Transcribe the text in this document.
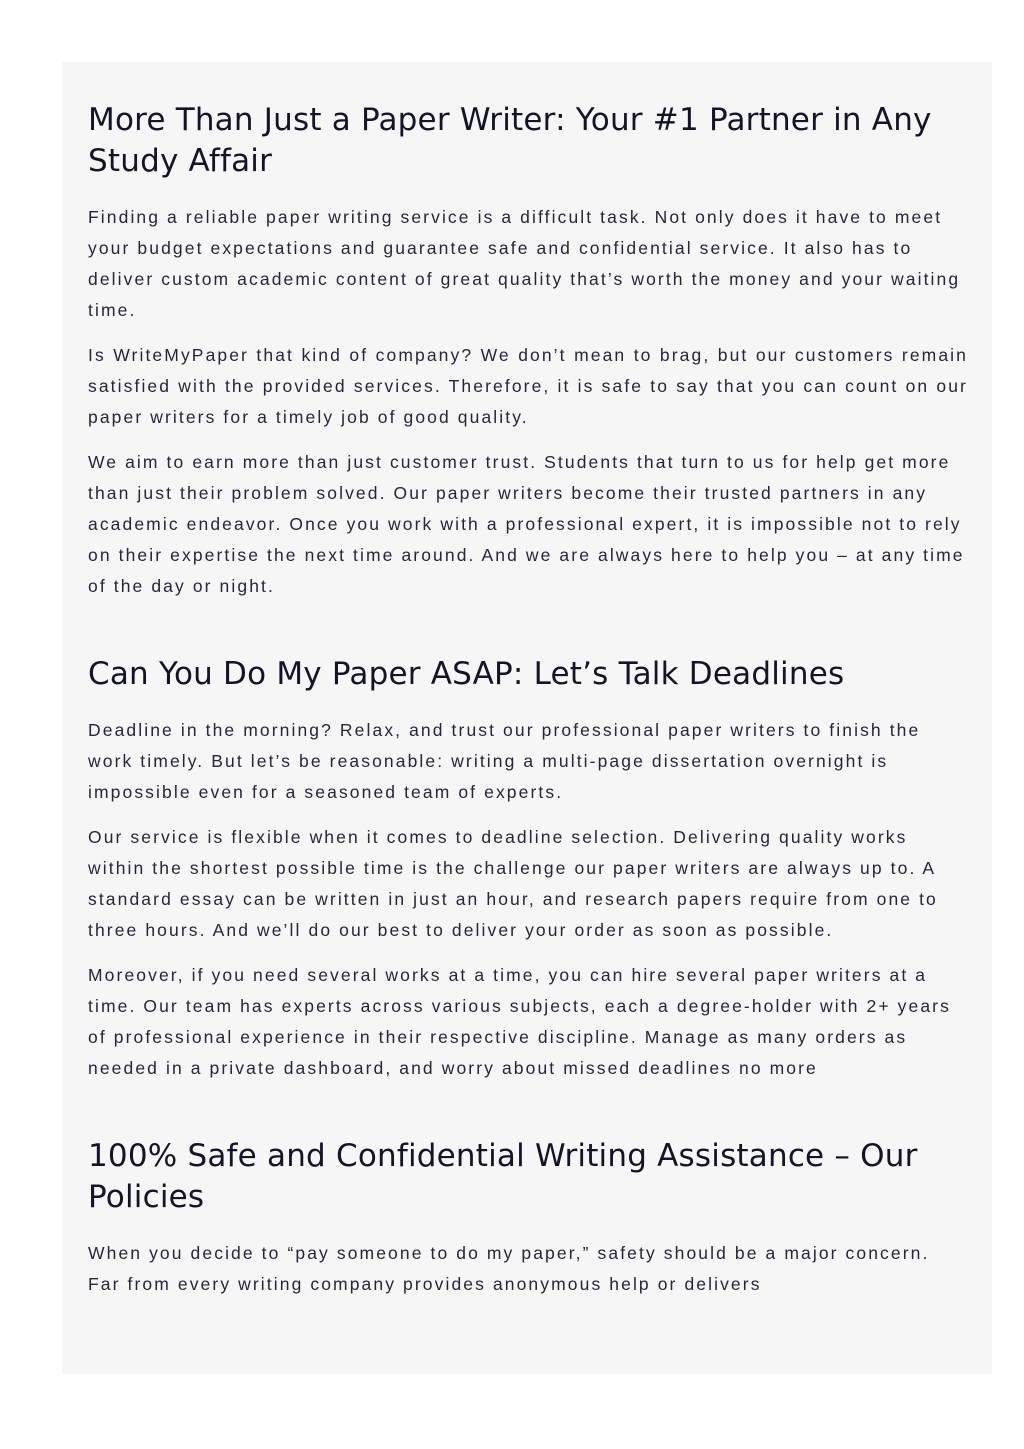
More Than Just a Paper Writer: Your #1 Partner in Any Study Affair

Finding a reliable paper writing service is a difficult task. Not only does it have to meet your budget expectations and guarantee safe and confidential service. It also has to deliver custom academic content of great quality that’s worth the money and your waiting time.

Is WriteMyPaper that kind of company? We don’t mean to brag, but our customers remain satisfied with the provided services. Therefore, it is safe to say that you can count on our paper writers for a timely job of good quality.

We aim to earn more than just customer trust. Students that turn to us for help get more than just their problem solved. Our paper writers become their trusted partners in any academic endeavor. Once you work with a professional expert, it is impossible not to rely on their expertise the next time around. And we are always here to help you – at any time of the day or night.

Can You Do My Paper ASAP: Let’s Talk Deadlines

Deadline in the morning? Relax, and trust our professional paper writers to finish the work timely. But let’s be reasonable: writing a multi-page dissertation overnight is impossible even for a seasoned team of experts.

Our service is flexible when it comes to deadline selection. Delivering quality works within the shortest possible time is the challenge our paper writers are always up to. A standard essay can be written in just an hour, and research papers require from one to three hours. And we’ll do our best to deliver your order as soon as possible.

Moreover, if you need several works at a time, you can hire several paper writers at a time. Our team has experts across various subjects, each a degree-holder with 2+ years of professional experience in their respective discipline. Manage as many orders as needed in a private dashboard, and worry about missed deadlines no more

100% Safe and Confidential Writing Assistance – Our Policies

When you decide to “pay someone to do my paper,” safety should be a major concern. Far from every writing company provides anonymous help or delivers
